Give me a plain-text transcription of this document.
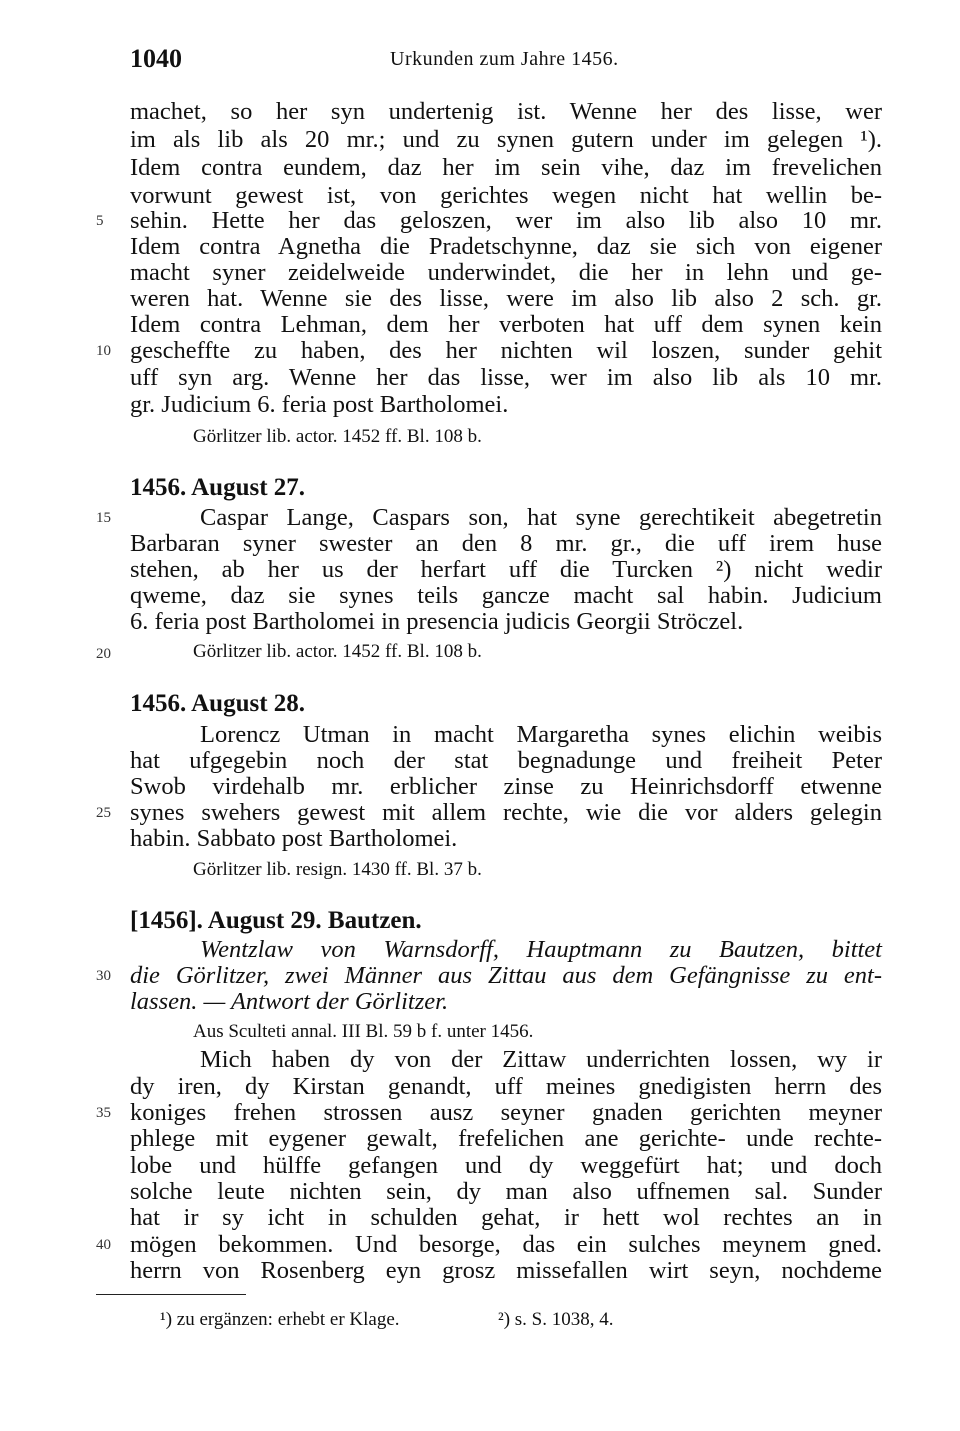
1040	Urkunden zum Jahre 1456.
machet, so her syn undertenig ist. Wenne her des lisse, wer
im als lib als 20 mr.; und zu synen gutern under im gelegen ¹).
Idem contra eundem, daz her im sein vihe, daz im frevelichen
vorwunt gewest ist, von gerichtes wegen nicht hat wellin be-
sehin. Hette her das geloszen, wer im also lib also 10 mr.
Idem contra Agnetha die Pradetschynne, daz sie sich von eigener
macht syner zeidelweide underwindet, die her in lehn und ge-
weren hat. Wenne sie des lisse, were im also lib also 2 sch. gr.
Idem contra Lehman, dem her verboten hat uff dem synen kein
gescheffte zu haben, des her nichten wil loszen, sunder gehit
uff syn arg. Wenne her das lisse, wer im also lib als 10 mr.
gr. Judicium 6. feria post Bartholomei.
Görlitzer lib. actor. 1452 ff. Bl. 108 b.
1456. August 27.
Caspar Lange, Caspars son, hat syne gerechtikeit abegetretin
Barbaran syner swester an den 8 mr. gr., die uff irem huse
stehen, ab her us der herfart uff die Turcken ²) nicht wedir
qweme, daz sie synes teils gancze macht sal habin. Judicium
6. feria post Bartholomei in presencia judicis Georgii Ströczel.
Görlitzer lib. actor. 1452 ff. Bl. 108 b.
1456. August 28.
Lorencz Utman in macht Margaretha synes elichin weibis
hat ufgegebin noch der stat begnadunge und freiheit Peter
Swob virdehalb mr. erblicher zinse zu Heinrichsdorff etwenne
synes swehers gewest mit allem rechte, wie die vor alders gelegin
habin. Sabbato post Bartholomei.
Görlitzer lib. resign. 1430 ff. Bl. 37 b.
[1456]. August 29. Bautzen.
Wentzlaw von Warnsdorff, Hauptmann zu Bautzen, bittet
die Görlitzer, zwei Männer aus Zittau aus dem Gefängnisse zu ent-
lassen. — Antwort der Görlitzer.
Aus Sculteti annal. III Bl. 59 b f. unter 1456.
Mich haben dy von der Zittaw underrichten lossen, wy ir
dy iren, dy Kirstan genandt, uff meines gnedigisten herrn des
koniges frehen strossen ausz seyner gnaden gerichten meyner
phlege mit eygener gewalt, frefelichen ane gerichte- unde rechte-
lobe und hülffe gefangen und dy weggefürt hat; und doch
solche leute nichten sein, dy man also uffnemen sal. Sunder
hat ir sy icht in schulden gehat, ir hett wol rechtes an in
mögen bekommen. Und besorge, das ein sulches meynem gned.
herrn von Rosenberg eyn grosz missefallen wirt seyn, nochdeme
5
10
15
20
25
30
35
40
¹) zu ergänzen: erhebt er Klage.	²) s. S. 1038, 4.
